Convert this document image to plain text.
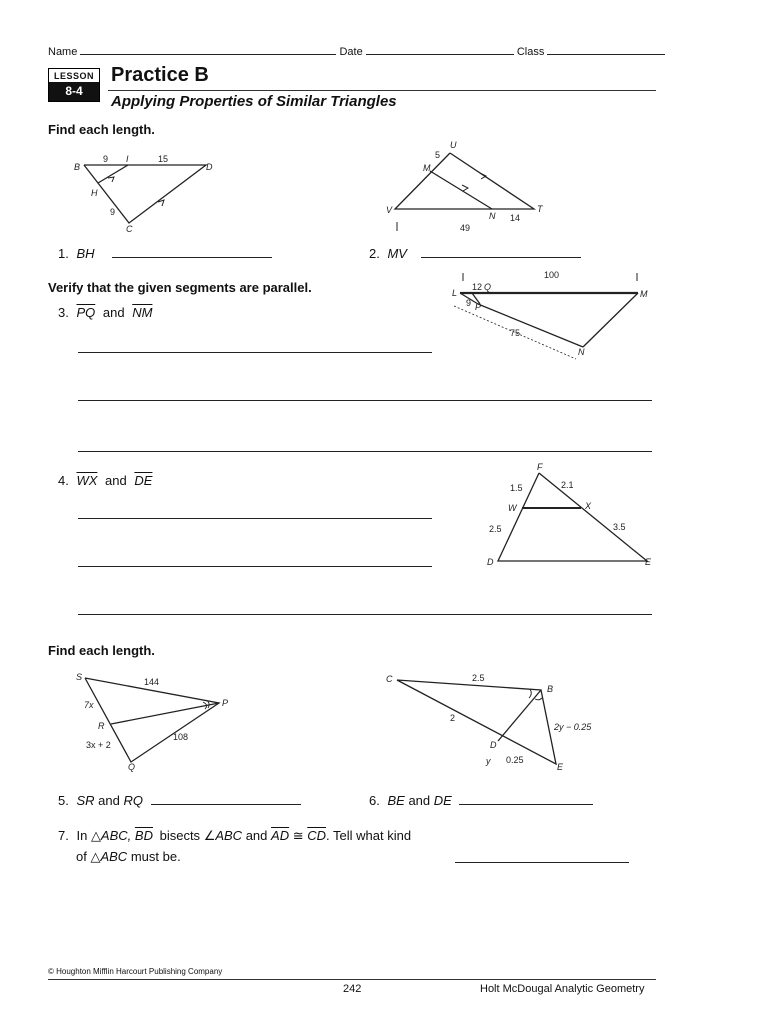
Name	Date	Class
LESSON
8-4
Practice B
Applying Properties of Similar Triangles
Find each length.
B
I
D
H
C
9	15
9
U
M
V
N
T
5
49
14
1. BH	2. MV
Verify that the given segments are parallel.
100
12 Q
L
9 P
M
N
75
3. $\overline{PQ}$ and $\overline{NM}$
F
W	X
D	E
1.5	2.1
2.5	3.5
4. $\overline{WX}$ and $\overline{DE}$
Find each length.
S
R
Q
P
144
7x
3x + 2
108
C
B
D
E
2.5
2
2y − 0.25
y 0.25
5. SR and RQ	6. BE and DE
7. In △ABC, $\overline{BD}$ bisects ∠ABC and $\overline{AD}$ ≅ $\overline{CD}$. Tell what kind
of △ABC must be.
© Houghton Mifflin Harcourt Publishing Company
242	Holt McDougal Analytic Geometry
